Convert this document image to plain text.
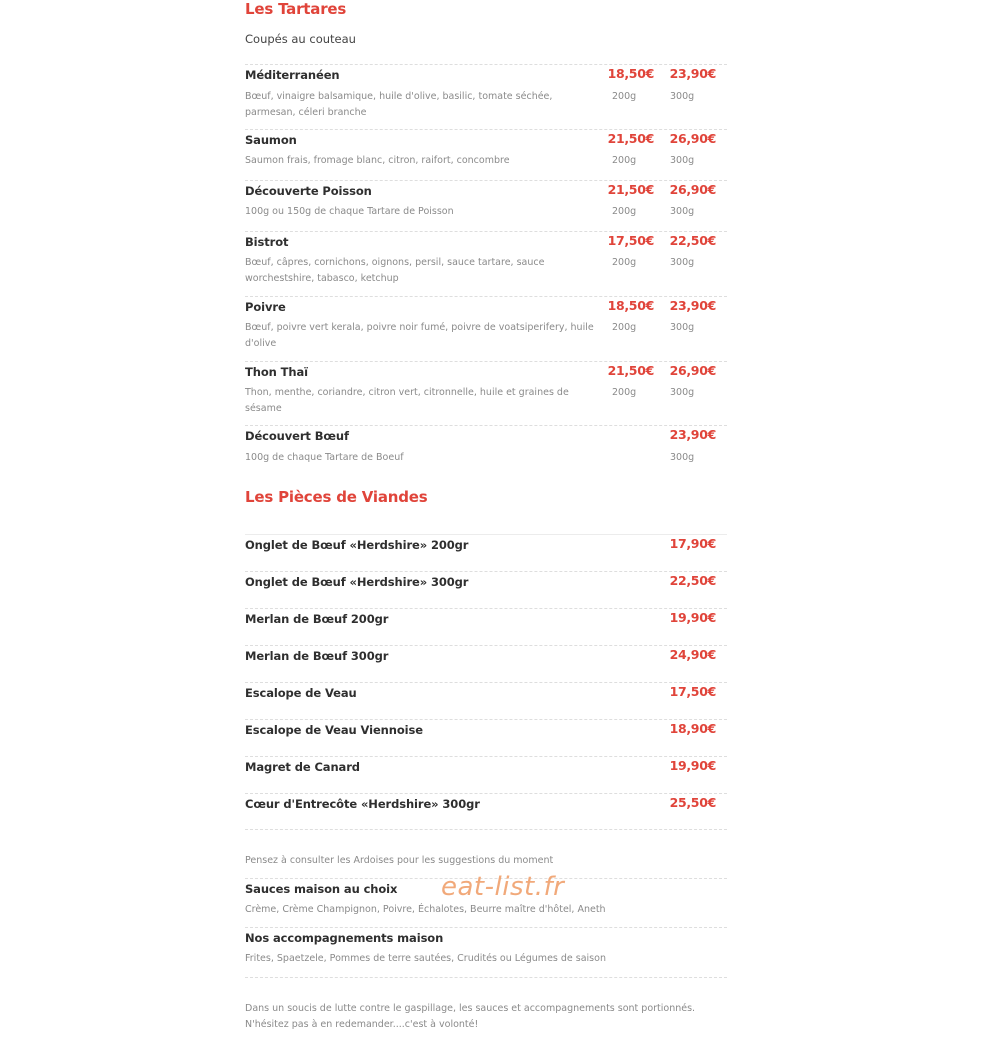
Les Tartares
Coupés au couteau
Méditerranéen	18,50€	23,90€
Bœuf, vinaigre balsamique, huile d'olive, basilic, tomate séchée,
parmesan, céleri branche
200g	300g
Saumon	21,50€	26,90€
Saumon frais, fromage blanc, citron, raifort, concombre	200g	300g
Découverte Poisson	21,50€	26,90€
100g ou 150g de chaque Tartare de Poisson	200g	300g
Bistrot	17,50€	22,50€
Bœuf, câpres, cornichons, oignons, persil, sauce tartare, sauce
worchestshire, tabasco, ketchup
200g	300g
Poivre	18,50€	23,90€
Bœuf, poivre vert kerala, poivre noir fumé, poivre de voatsiperifery, huile
d'olive
200g	300g
Thon Thaï	21,50€	26,90€
Thon, menthe, coriandre, citron vert, citronnelle, huile et graines de
sésame
200g	300g
Découvert Bœuf	23,90€
100g de chaque Tartare de Boeuf	300g
Les Pièces de Viandes
Onglet de Bœuf «Herdshire» 200gr	17,90€
Onglet de Bœuf «Herdshire» 300gr	22,50€
Merlan de Bœuf 200gr	19,90€
Merlan de Bœuf 300gr	24,90€
Escalope de Veau	17,50€
Escalope de Veau Viennoise	18,90€
Magret de Canard	19,90€
Cœur d'Entrecôte «Herdshire» 300gr	25,50€
Pensez à consulter les Ardoises pour les suggestions du moment
Sauces maison au choix
Crème, Crème Champignon, Poivre, Échalotes, Beurre maître d'hôtel, Aneth
Nos accompagnements maison
Frites, Spaetzele, Pommes de terre sautées, Crudités ou Légumes de saison
Dans un soucis de lutte contre le gaspillage, les sauces et accompagnements sont portionnés.
N'hésitez pas à en redemander....c'est à volonté!
eat-list.fr
